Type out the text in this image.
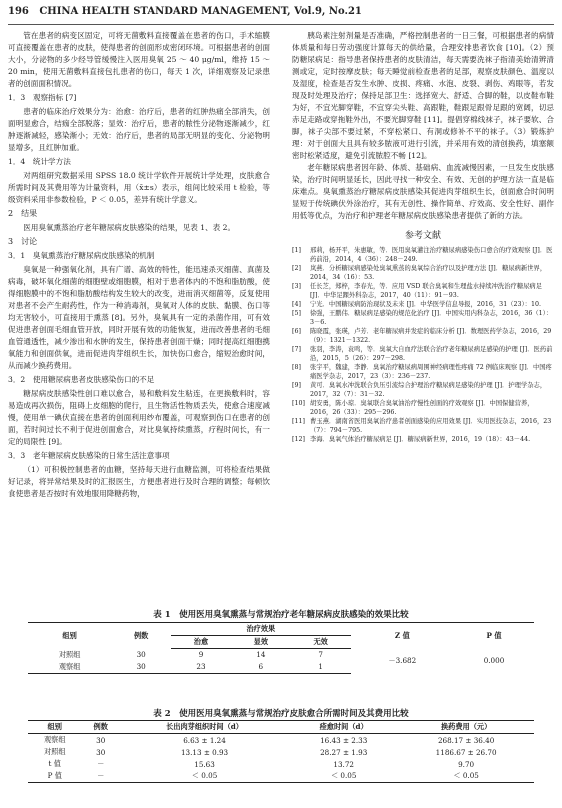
196 CHINA HEALTH STANDARD MANAGEMENT, Vol.9, No.21

管在患者的病变区固定，可将无菌敷料直接覆盖在患者的伤口，手术缩膜可直接覆盖在患者的皮肤，使得患者的创面形成密闭环境。可根据患者的创面大小，分泌物的多少经导管缓慢注入医用臭氧 25 ～ 40 μg/ml，维持 15 ～ 20 min，使用无菌敷料直接包扎患者的伤口，每天 1 次，详细观察及记录患者的创面面积情况。

1．3　观察指标 [7]

患者的临床治疗效果分为：治愈：治疗后，患者的红肿热痛全部消失，创面明显愈合，结痂全部脱落；显效：治疗后，患者的脓性分泌物逐渐减少，红肿逐渐减轻，感染渐小；无效：治疗后，患者的局部无明显的变化、分泌物明显增多，且红肿加重。

1．4　统计学方法

对两组研究数据采用 SPSS 18.0 统计学软件开展统计学处理，皮肤愈合所需时间及其费用等为计量资料，用（x̄±s）表示，组间比较采用 t 检验，等级资料采用非参数检验，P ＜ 0.05，差异有统计学意义。

2　结果

医用臭氧熏蒸治疗老年糖尿病皮肤感染的结果，见表 1、表 2。

3　讨论
3．1　臭氧熏蒸治疗糖尿病皮肤感染的机制

臭氧是一种强氧化剂，具有广谱、高效的特性，能迅速杀灭细菌、真菌及病毒，破坏氧化细菌的细胞壁或细胞膜，相对于患者体内的不饱和脂肪酸，使得细胞膜中的不饱和脂肪酸结构发生较大的改变，进而消灭细菌等，反复使用对患者不会产生耐药性，作为一种消毒剂，臭氧对人体的皮肤、黏膜、伤口等均无害较小，可直接用于熏蒸 [8]。另外，臭氧具有一定的杀菌作用，可有效促进患者创面毛细血管开放，同时开展有效的功能恢复，进而改善患者的毛细血管通透性，减少渗出和水肿的发生，保持患者创面干燥；同时提高红细胞携氧能力和创面供氧，进而促进肉芽组织生长，加快伤口愈合，缩短治愈时间，从而减少换药费用。

3．2　使用糖尿病患者皮肤感染伤口的不足

糖尿病皮肤感染性创口难以愈合，易和敷料发生粘连，在更换敷料时，容易造成再次损伤，阻碍上皮细胞的爬行，且生物活性物质丢失，使愈合速度减慢，使用单一碘伏直接在患者的创面利用纱布覆盖，可观察到伤口在患者的创面，若时间过长不利于促进创面愈合，对比臭氧持续熏蒸，疗程时间长，有一定的局限性 [9]。

3．3　老年糖尿病皮肤感染的日常生活注意事项

（1）可积极控制患者的血糖，坚持每天进行血糖监测，可将检查结果做好记录，将异常结果及时的汇报医生，方便患者进行及时合理的调整；每顿饮食使患者是否按时有效地服用降糖药物，

胰岛素注射剂量是否准确，严格控制患者的一日三餐，可根据患者的病情体质量和每日劳动强度计算每天的供给量，合理安排患者饮食 [10]。（2）预防糖尿病足：指导患者保持患者的皮肤清洁，每天需要洗袜子指清美始清辨清测或定，定时按摩皮肤；每天睡觉前检查患者的足部，观察皮肤颜色、温度以及湿度，检查是否发生水肿、皮损、疼痛、水泡、皮裂、剥伤、鸡眼等，若发现及时处理及治疗；保持足部卫生：选择宽大、舒适、合脚的鞋，以皮鞋布鞋为好，不宜光脚穿鞋，不宜穿尖头鞋、高跟鞋，鞋跟足跟骨足跟的宽阔，切忌赤足走路或穿拖鞋外出，不要光脚穿鞋 [11]。提倡穿棉线袜子，袜子要软、合脚，袜子尖部不要过紧，不穿松紧口、有洞或修补不平的袜子。（3）锻炼护理：对于创面大且具有较多脓液可进行引流，并采用有效的清创换药，填塞额密时松紧适度，避免引流脓腔不畅 [12]。

老年糖尿病患者因年龄、体质、基础病、血流减慢因素，一旦发生皮肤感染，治疗时间明显延长，因此寻找一种安全、有效、无创的护理方法一直是临床难点。臭氧熏蒸治疗糖尿病皮肤感染其促进肉芽组织生长，创面愈合时间明显短于传统碘伏外涂治疗，其有无创性、操作简单、疗效高、安全性好、副作用低等优点，为治疗和护理老年糖尿病皮肤感染患者提供了新的方法。

参考文献
[1]	邢莉，杨开平，朱惠敏，等．医用臭氧灌注治疗糖尿病感染伤口愈合的疗效观察 [J]．医药前沿，2014，4（36）：248－249.
[2]	岚燕．分析糖尿病感染处臭氧熏蒸的臭氧综合治疗以及护理方法 [J]．糖尿病新世界，2014，34（16）：53.
[3]	任长芝，郑梓，李春光，等．应用 VSD 联合臭氧和生理盐水持续冲洗治疗糖尿病足 [J]．中华足踝外科杂志，2017，40（11）：91－93.
[4]	宁光．中国糖尿病防治现状及未来 [J]．中华医学信息导报，2016，31（23）：10.
[5]	徐强，王鹏伟．糖尿病足感染的规范化治疗 [J]．中国实用内科杂志，2016，36（1）：3－6.
[6]	陈晓霞，张瑛，卢芳．老年糖尿病并发症的临床分析 [J]．数理医药学杂志，2016，29（9）：1321－1322.
[7]	张羽，李涛，袁鸣，等．臭氧大自血疗法联合治疗老年糖尿病足感染的护理 [J]．医药前沿，2015，5（26）：297－298.
[8]	张宇平，魏建，李静．臭氧治疗糖尿病周围神经病理性疼痛 72 例临床观察 [J]．中国疼痛医学杂志，2017，23（3）：236－237.
[9]	黄可．臭氧水冲洗联合负压引流综合护理治疗糖尿病足感染的护理 [J]．护理学杂志，2017，32（7）：31－32.
[10] 胡安勇，陈小琼．臭氧联合臭氧油治疗慢性创面的疗效观察 [J]．中国保健营养，2016，26（33）：295－296.
[11] 曹玉燕．湖南省医用臭氧治疗患者创面感染的应用效果 [J]．实用医技杂志，2016，23（7）：794－795.
[12] 李海．臭氧气体治疗糖尿病足 [J]．糖尿病新世界，2016，19（18）：43－44.
表 1　使用医用臭氧熏蒸与常规治疗老年糖尿病皮肤感染的效果比较
组别	例数	治疗效果			Z 值	P 值
		治愈	显效	无效		
对照组	30	9	14	7	－3.682	0.000
观察组	30	23	6	1		
表 2　使用医用臭氧熏蒸与常规治疗皮肤愈合所需时间及其费用比较
组别	例数	长出肉芽组织时间（d）	痊愈时间（d）	换药费用（元）
观察组	30	6.63 ± 1.24	16.43 ± 2.33	268.17 ± 36.40
对照组	30	13.13 ± 0.93	28.27 ± 1.93	1186.67 ± 26.70
t 值	－	15.63	13.72	9.70
P 值	－	＜ 0.05	＜ 0.05	＜ 0.05
